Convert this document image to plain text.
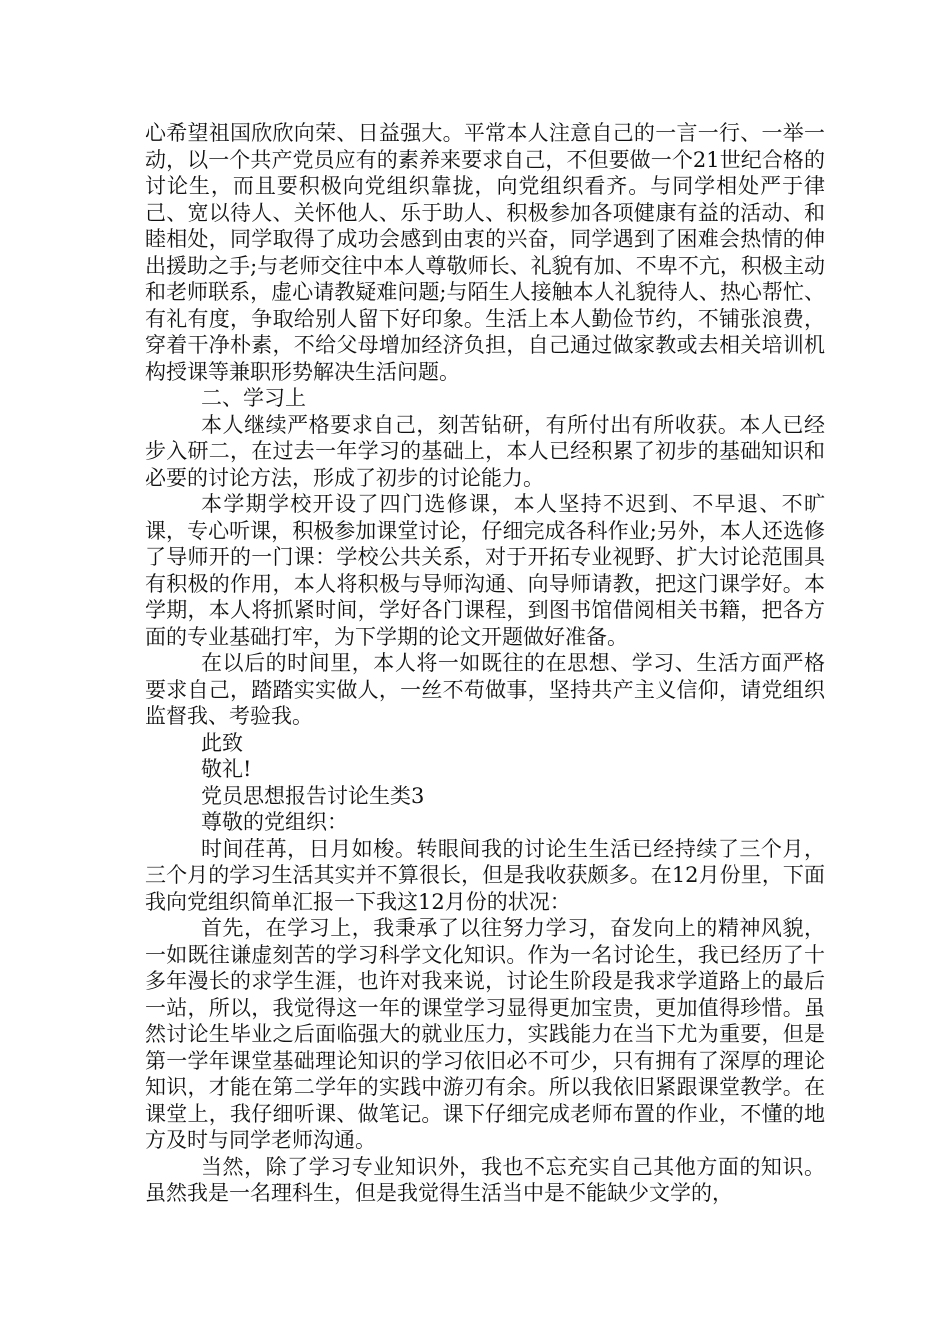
心希望祖国欣欣向荣、日益强大。平常本人注意自己的一言一行、一举一动，以一个共产党员应有的素养来要求自己，不但要做一个21世纪合格的讨论生，而且要积极向党组织靠拢，向党组织看齐。与同学相处严于律己、宽以待人、关怀他人、乐于助人、积极参加各项健康有益的活动、和睦相处，同学取得了成功会感到由衷的兴奋，同学遇到了困难会热情的伸出援助之手;与老师交往中本人尊敬师长、礼貌有加、不卑不亢，积极主动和老师联系，虚心请教疑难问题;与陌生人接触本人礼貌待人、热心帮忙、有礼有度，争取给别人留下好印象。生活上本人勤俭节约，不铺张浪费，穿着干净朴素，不给父母增加经济负担，自己通过做家教或去相关培训机构授课等兼职形势解决生活问题。

二、学习上

本人继续严格要求自己，刻苦钻研，有所付出有所收获。本人已经步入研二，在过去一年学习的基础上，本人已经积累了初步的基础知识和必要的讨论方法，形成了初步的讨论能力。

本学期学校开设了四门选修课，本人坚持不迟到、不早退、不旷课，专心听课，积极参加课堂讨论，仔细完成各科作业;另外，本人还选修了导师开的一门课：学校公共关系，对于开拓专业视野、扩大讨论范围具有积极的作用，本人将积极与导师沟通、向导师请教，把这门课学好。本学期，本人将抓紧时间，学好各门课程，到图书馆借阅相关书籍，把各方面的专业基础打牢，为下学期的论文开题做好准备。

在以后的时间里，本人将一如既往的在思想、学习、生活方面严格要求自己，踏踏实实做人，一丝不苟做事，坚持共产主义信仰，请党组织监督我、考验我。

此致

敬礼!

党员思想报告讨论生类3

尊敬的党组织：

时间荏苒，日月如梭。转眼间我的讨论生生活已经持续了三个月，三个月的学习生活其实并不算很长，但是我收获颇多。在12月份里，下面我向党组织简单汇报一下我这12月份的状况：

首先，在学习上，我秉承了以往努力学习，奋发向上的精神风貌，一如既往谦虚刻苦的学习科学文化知识。作为一名讨论生，我已经历了十多年漫长的求学生涯，也许对我来说，讨论生阶段是我求学道路上的最后一站，所以，我觉得这一年的课堂学习显得更加宝贵，更加值得珍惜。虽然讨论生毕业之后面临强大的就业压力，实践能力在当下尤为重要，但是第一学年课堂基础理论知识的学习依旧必不可少，只有拥有了深厚的理论知识，才能在第二学年的实践中游刃有余。所以我依旧紧跟课堂教学。在课堂上，我仔细听课、做笔记。课下仔细完成老师布置的作业，不懂的地方及时与同学老师沟通。

当然，除了学习专业知识外，我也不忘充实自己其他方面的知识。虽然我是一名理科生，但是我觉得生活当中是不能缺少文学的，
